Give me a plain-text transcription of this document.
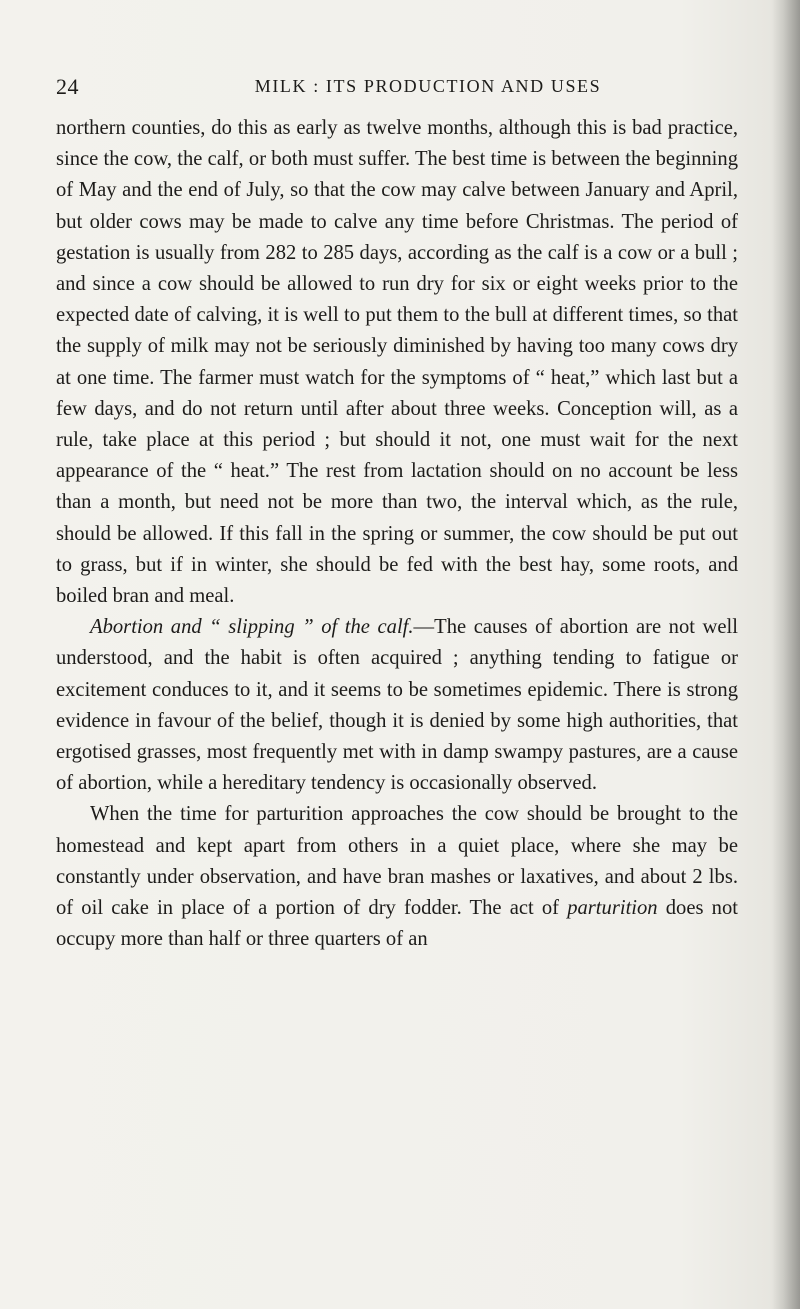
24	MILK : ITS PRODUCTION AND USES

northern counties, do this as early as twelve months, although this is bad practice, since the cow, the calf, or both must suffer. The best time is between the beginning of May and the end of July, so that the cow may calve between January and April, but older cows may be made to calve any time before Christmas. The period of gestation is usually from 282 to 285 days, according as the calf is a cow or a bull ; and since a cow should be allowed to run dry for six or eight weeks prior to the expected date of calving, it is well to put them to the bull at different times, so that the supply of milk may not be seriously diminished by having too many cows dry at one time. The farmer must watch for the symptoms of “ heat,” which last but a few days, and do not return until after about three weeks. Conception will, as a rule, take place at this period ; but should it not, one must wait for the next appearance of the “ heat.” The rest from lactation should on no account be less than a month, but need not be more than two, the interval which, as the rule, should be allowed. If this fall in the spring or summer, the cow should be put out to grass, but if in winter, she should be fed with the best hay, some roots, and boiled bran and meal.

Abortion and “ slipping ” of the calf.—The causes of abortion are not well understood, and the habit is often acquired ; anything tending to fatigue or excitement conduces to it, and it seems to be sometimes epidemic. There is strong evidence in favour of the belief, though it is denied by some high authorities, that ergotised grasses, most frequently met with in damp swampy pastures, are a cause of abortion, while a hereditary tendency is occasionally observed.

When the time for parturition approaches the cow should be brought to the homestead and kept apart from others in a quiet place, where she may be constantly under observation, and have bran mashes or laxatives, and about 2 lbs. of oil cake in place of a portion of dry fodder. The act of parturition does not occupy more than half or three quarters of an
